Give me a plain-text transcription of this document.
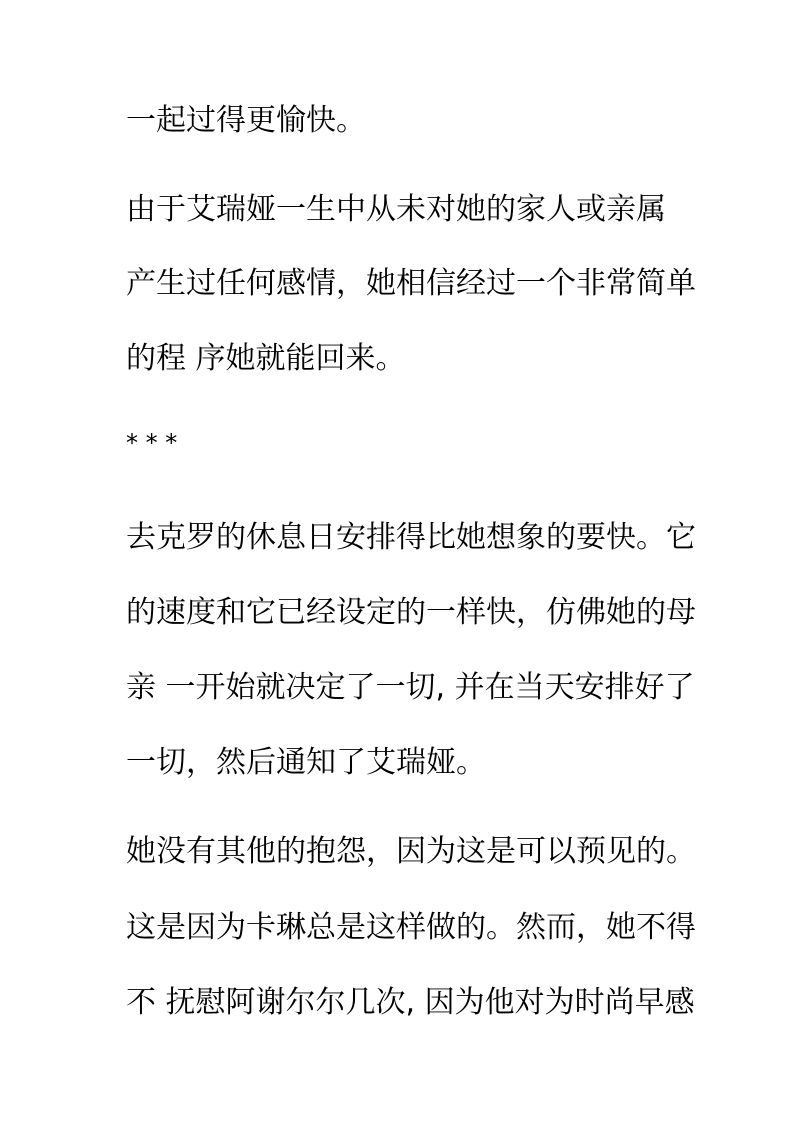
一起过得更愉快。
由于艾瑞娅一生中从未对她的家人或亲属
产生过任何感情，她相信经过一个非常简单
的程 序她就能回来。
* * *
去克罗的休息日安排得比她想象的要快。它
的速度和它已经设定的一样快，仿佛她的母
亲 一开始就决定了一切, 并在当天安排好了
一切，然后通知了艾瑞娅。
她没有其他的抱怨，因为这是可以预见的。
这是因为卡琳总是这样做的。然而，她不得
不 抚慰阿谢尔尔几次, 因为他对为时尚早感
